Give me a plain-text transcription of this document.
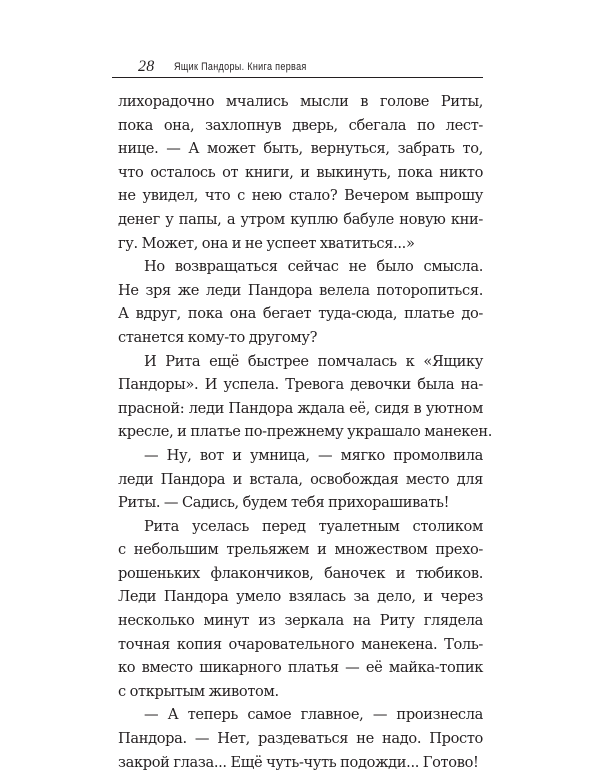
28 Ящик Пандоры. Книга первая
лихорадочно мчались мысли в голове Риты,
пока она, захлопнув дверь, сбегала по лест-
нице. — А может быть, вернуться, забрать то,
что осталось от книги, и выкинуть, пока никто
не увидел, что с нею стало? Вечером выпрошу
денег у папы, а утром куплю бабуле новую кни-
гу. Может, она и не успеет хватиться...»
Но возвращаться сейчас не было смысла.
Не зря же леди Пандора велела поторопиться.
А вдруг, пока она бегает туда-сюда, платье до-
станется кому-то другому?
И Рита ещё быстрее помчалась к «Ящику
Пандоры». И успела. Тревога девочки была на-
прасной: леди Пандора ждала её, сидя в уютном
кресле, и платье по-прежнему украшало манекен.
— Ну, вот и умница, — мягко промолвила
леди Пандора и встала, освобождая место для
Риты. — Садись, будем тебя прихорашивать!
Рита уселась перед туалетным столиком
с небольшим трельяжем и множеством прехо-
рошеньких флакончиков, баночек и тюбиков.
Леди Пандора умело взялась за дело, и через
несколько минут из зеркала на Риту глядела
точная копия очаровательного манекена. Толь-
ко вместо шикарного платья — её майка-топик
с открытым животом.
— А теперь самое главное, — произнесла
Пандора. — Нет, раздеваться не надо. Просто
закрой глаза... Ещё чуть-чуть подожди... Готово!
